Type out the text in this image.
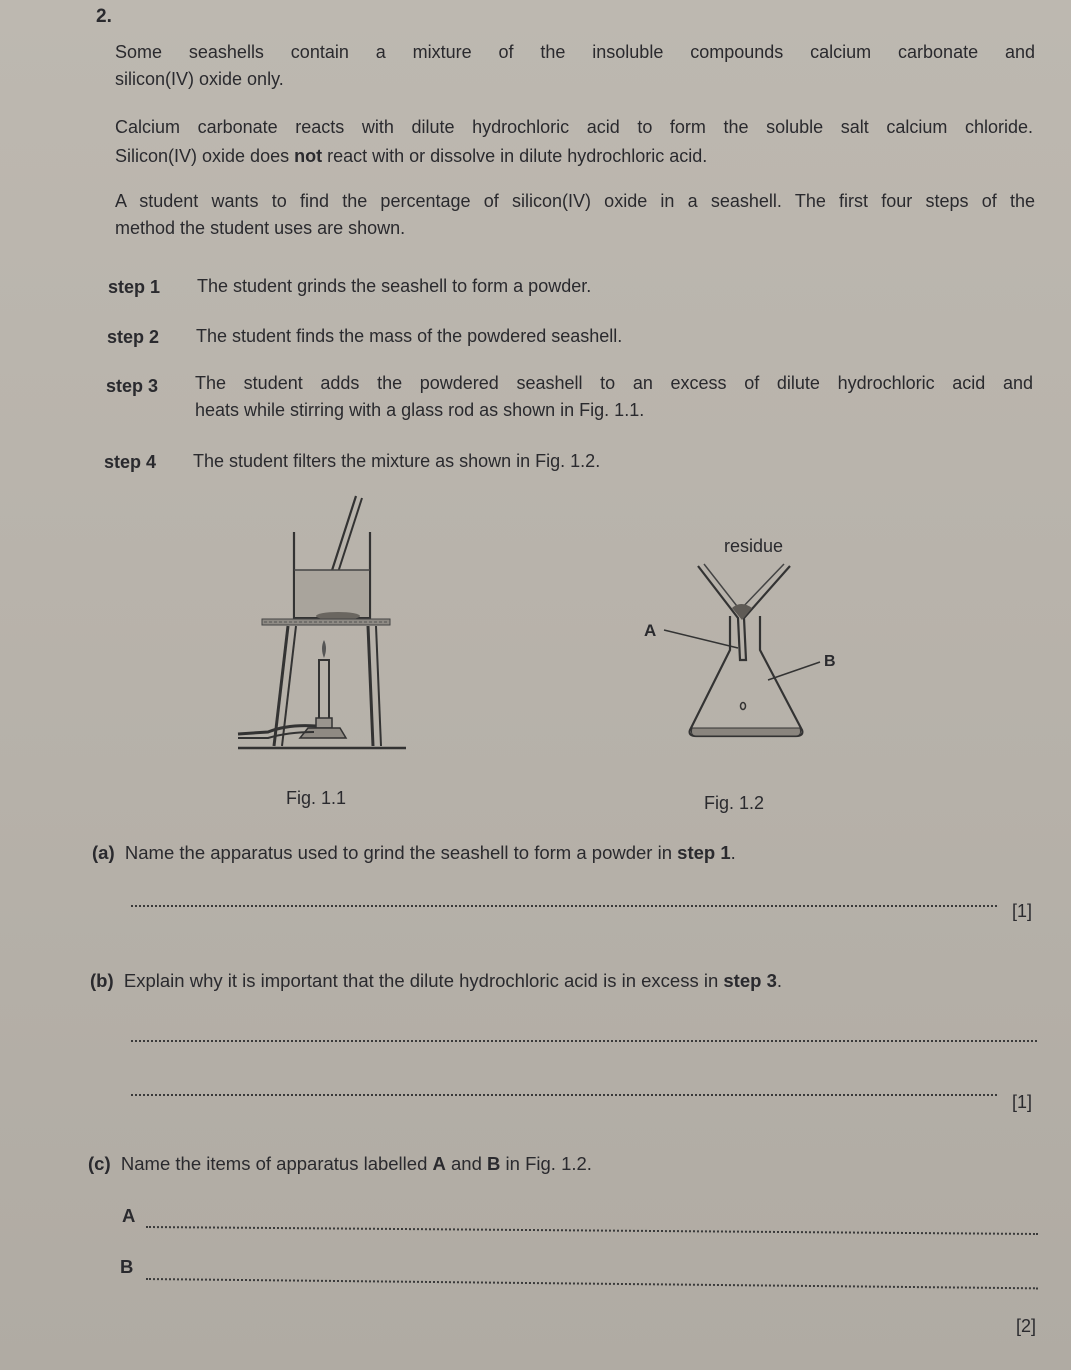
2.
Some seashells contain a mixture of the insoluble compounds calcium carbonate and
silicon(IV) oxide only.
Calcium carbonate reacts with dilute hydrochloric acid to form the soluble salt calcium chloride.
Silicon(IV) oxide does not react with or dissolve in dilute hydrochloric acid.
A student wants to find the percentage of silicon(IV) oxide in a seashell. The first four steps of the
method the student uses are shown.
step 1 The student grinds the seashell to form a powder.
step 2 The student finds the mass of the powdered seashell.
step 3 The student adds the powdered seashell to an excess of dilute hydrochloric acid and
heats while stirring with a glass rod as shown in Fig. 1.1.
step 4 The student filters the mixture as shown in Fig. 1.2.
residue
A
B
Fig. 1.1	Fig. 1.2
(a) Name the apparatus used to grind the seashell to form a powder in step 1.
[1]
(b) Explain why it is important that the dilute hydrochloric acid is in excess in step 3.
[1]
(c) Name the items of apparatus labelled A and B in Fig. 1.2.
A
B
[2]
